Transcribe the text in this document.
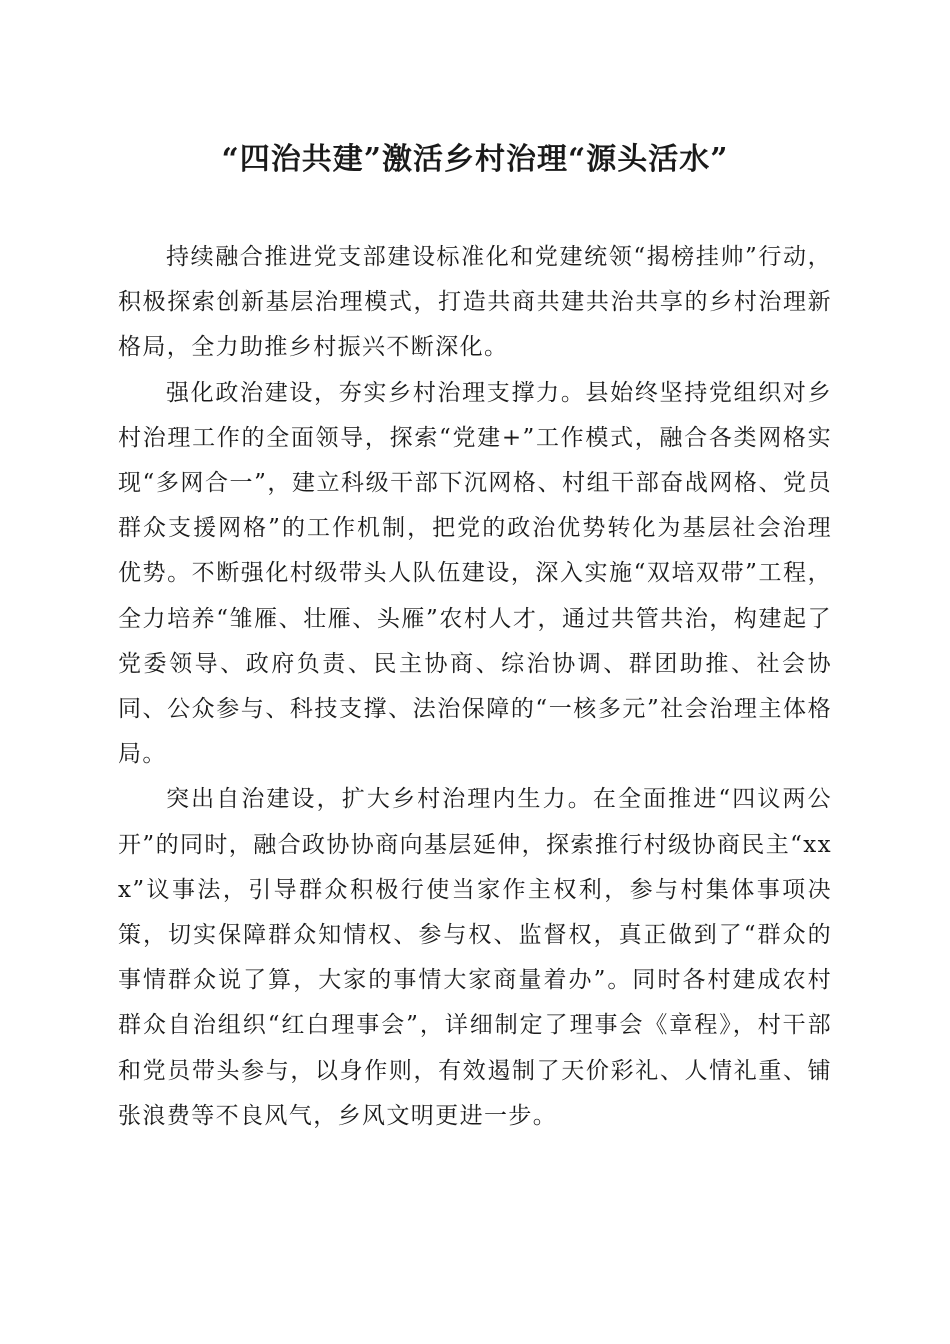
“四治共建”激活乡村治理“源头活水”

持续融合推进党支部建设标准化和党建统领“揭榜挂帅”行动，积极探索创新基层治理模式，打造共商共建共治共享的乡村治理新格局，全力助推乡村振兴不断深化。

强化政治建设，夯实乡村治理支撑力。县始终坚持党组织对乡村治理工作的全面领导，探索“党建+”工作模式，融合各类网格实现“多网合一”，建立科级干部下沉网格、村组干部奋战网格、党员群众支援网格”的工作机制，把党的政治优势转化为基层社会治理优势。不断强化村级带头人队伍建设，深入实施“双培双带”工程，全力培养“雏雁、壮雁、头雁”农村人才，通过共管共治，构建起了党委领导、政府负责、民主协商、综治协调、群团助推、社会协同、公众参与、科技支撑、法治保障的“一核多元”社会治理主体格局。

突出自治建设，扩大乡村治理内生力。在全面推进“四议两公开”的同时，融合政协协商向基层延伸，探索推行村级协商民主“xxx”议事法，引导群众积极行使当家作主权利，参与村集体事项决策，切实保障群众知情权、参与权、监督权，真正做到了“群众的事情群众说了算，大家的事情大家商量着办”。同时各村建成农村群众自治组织“红白理事会”，详细制定了理事会《章程》，村干部和党员带头参与，以身作则，有效遏制了天价彩礼、人情礼重、铺张浪费等不良风气，乡风文明更进一步。
